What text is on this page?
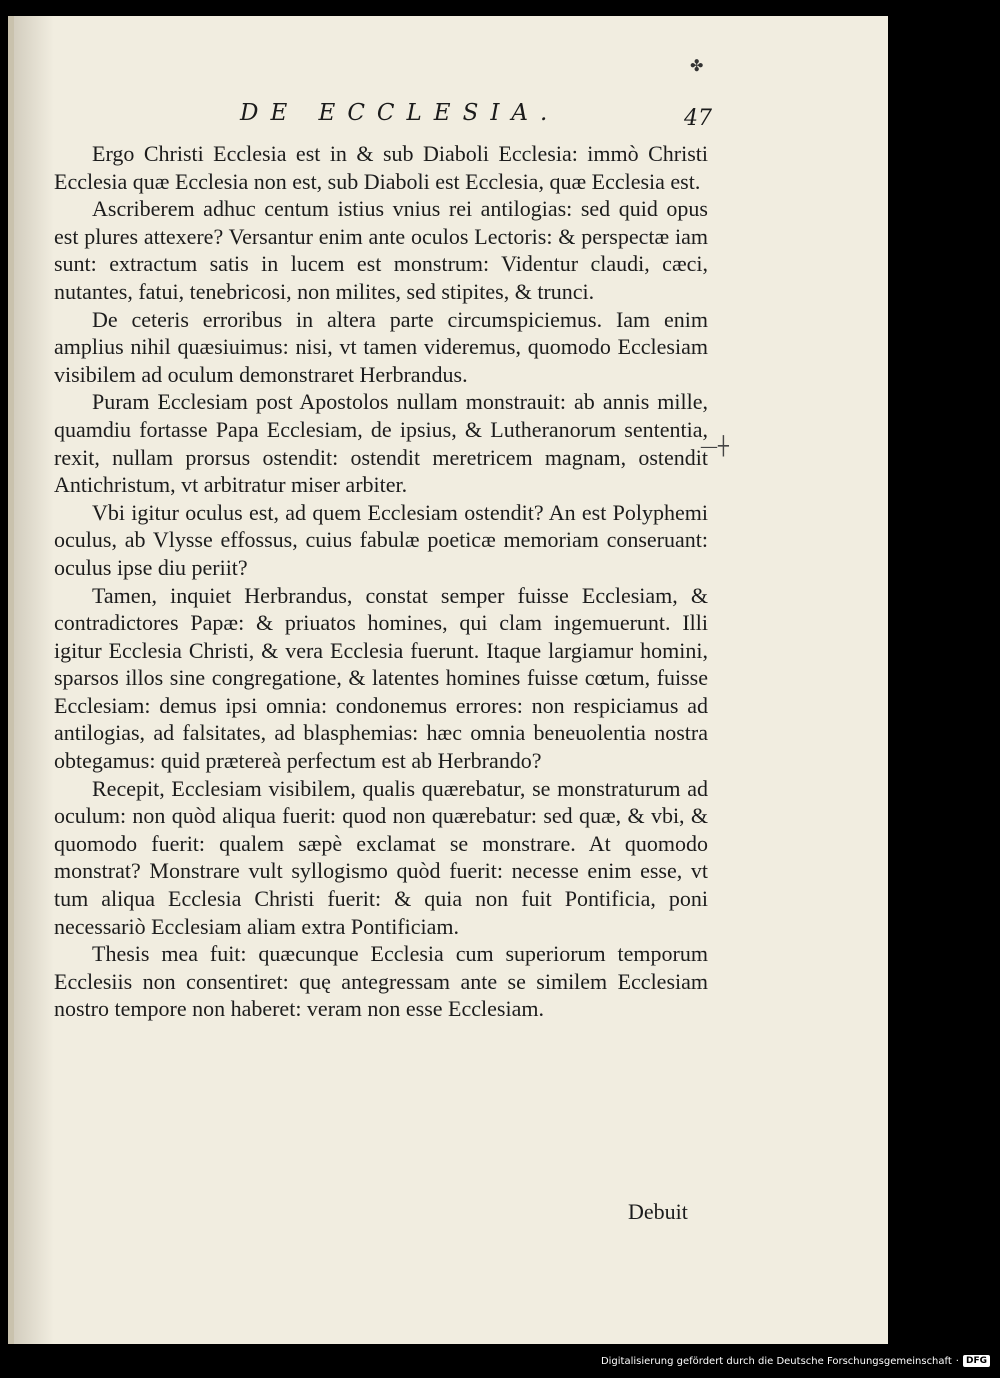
✤
DE ECCLESIA.	47
—┼

Ergo Christi Ecclesia est in & sub Diaboli Ecclesia: immò Christi Ecclesia quæ Ecclesia non est, sub Diaboli est Ecclesia, quæ Ecclesia est.

Ascriberem adhuc centum istius vnius rei antilogias: sed quid opus est plures attexere? Versantur enim ante oculos Lectoris: & perspectæ iam sunt: extractum satis in lucem est monstrum: Videntur claudi, cæci, nutantes, fatui, tenebricosi, non milites, sed stipites, & trunci.

De ceteris erroribus in altera parte circumspiciemus. Iam enim amplius nihil quæsiuimus: nisi, vt tamen videremus, quomodo Ecclesiam visibilem ad oculum demonstraret Herbrandus.

Puram Ecclesiam post Apostolos nullam monstrauit: ab annis mille, quamdiu fortasse Papa Ecclesiam, de ipsius, & Lutheranorum sententia, rexit, nullam prorsus ostendit: ostendit meretricem magnam, ostendit Antichristum, vt arbitratur miser arbiter.

Vbi igitur oculus est, ad quem Ecclesiam ostendit? An est Polyphemi oculus, ab Vlysse effossus, cuius fabulæ poeticæ memoriam conseruant: oculus ipse diu periit?

Tamen, inquiet Herbrandus, constat semper fuisse Ecclesiam, & contradictores Papæ: & priuatos homines, qui clam ingemuerunt. Illi igitur Ecclesia Christi, & vera Ecclesia fuerunt. Itaque largiamur homini, sparsos illos sine congregatione, & latentes homines fuisse cœtum, fuisse Ecclesiam: demus ipsi omnia: condonemus errores: non respiciamus ad antilogias, ad falsitates, ad blasphemias: hæc omnia beneuolentia nostra obtegamus: quid prætereà perfectum est ab Herbrando?

Recepit, Ecclesiam visibilem, qualis quærebatur, se monstraturum ad oculum: non quòd aliqua fuerit: quod non quærebatur: sed quæ, & vbi, & quomodo fuerit: qualem sæpè exclamat se monstrare. At quomodo monstrat? Monstrare vult syllogismo quòd fuerit: necesse enim esse, vt tum aliqua Ecclesia Christi fuerit: & quia non fuit Pontificia, poni necessariò Ecclesiam aliam extra Pontificiam.

Thesis mea fuit: quæcunque Ecclesia cum superiorum temporum Ecclesiis non consentiret: quę antegressam ante se similem Ecclesiam nostro tempore non haberet: veram non esse Ecclesiam.

Debuit
Digitalisierung gefördert durch die Deutsche Forschungsgemeinschaft · DFG
